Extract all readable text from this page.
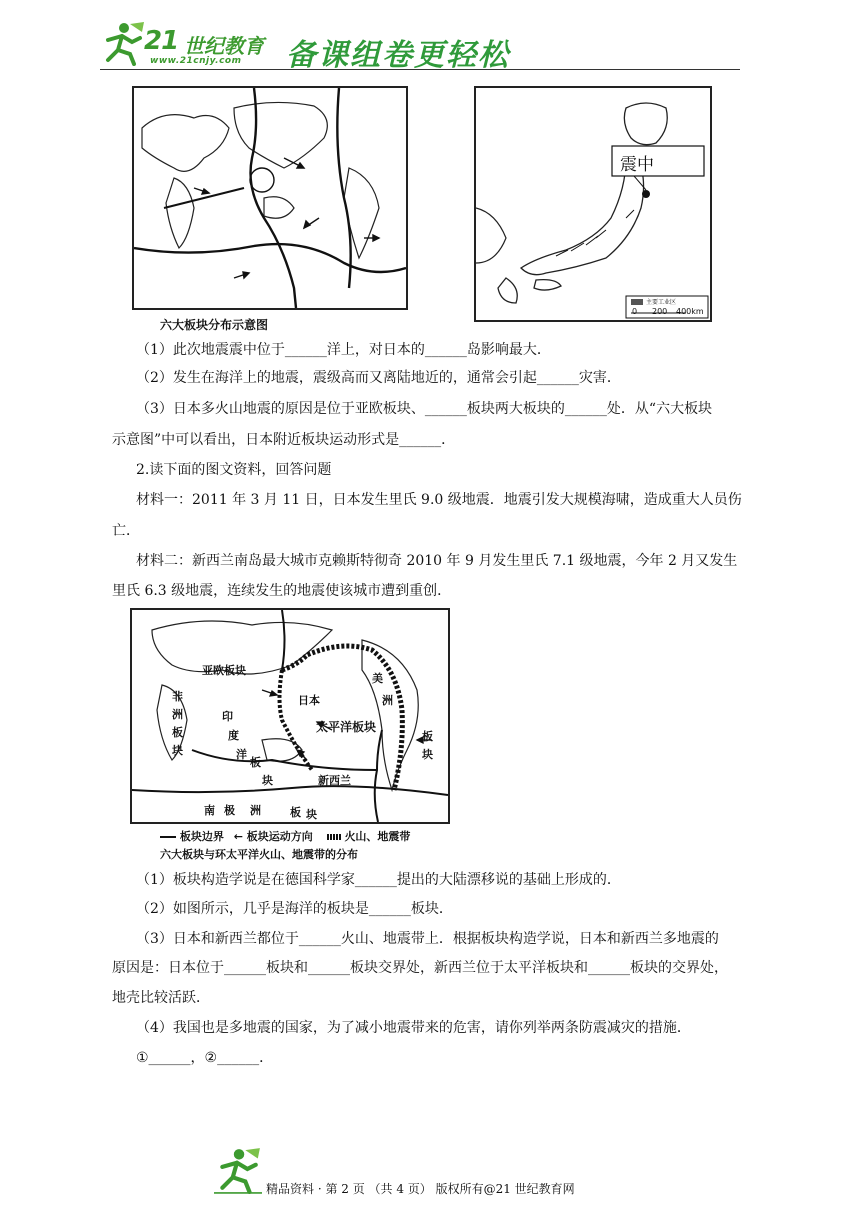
21 世纪教育
www.21cnjy.com 备课组卷更轻松
六大板块分布示意图
震中
主要工业区
0 200 400km
（1）此次地震震中位于______洋上，对日本的______岛影响最大．
（2）发生在海洋上的地震，震级高而又离陆地近的，通常会引起______灾害．
（3）日本多火山地震的原因是位于亚欧板块、______板块两大板块的______处．从“六大板块
示意图”中可以看出，日本附近板块运动形式是______．
2.读下面的图文资料，回答问题
材料一：2011 年 3 月 11 日，日本发生里氏 9.0 级地震．地震引发大规模海啸，造成重大人员伤
亡．
材料二：新西兰南岛最大城市克赖斯特彻奇 2010 年 9 月发生里氏 7.1 级地震，今年 2 月又发生
里氏 6.3 级地震，连续发生的地震使该城市遭到重创．
亚欧板块
日本
美
洲
非
洲
板
块
印
度
洋
板
块
太平洋板块
新西兰
南 极 洲	板 块
板
块
板块边界 ← 板块运动方向	火山、地震带
六大板块与环太平洋火山、地震带的分布
（1）板块构造学说是在德国科学家______提出的大陆漂移说的基础上形成的．
（2）如图所示，几乎是海洋的板块是______板块．
（3）日本和新西兰都位于______火山、地震带上．根据板块构造学说，日本和新西兰多地震的
原因是：日本位于______板块和______板块交界处，新西兰位于太平洋板块和______板块的交界处，
地壳比较活跃．
（4）我国也是多地震的国家，为了减小地震带来的危害，请你列举两条防震减灾的措施．
①______，②______．
精品资料 · 第 2 页 （共 4 页） 版权所有@21 世纪教育网
